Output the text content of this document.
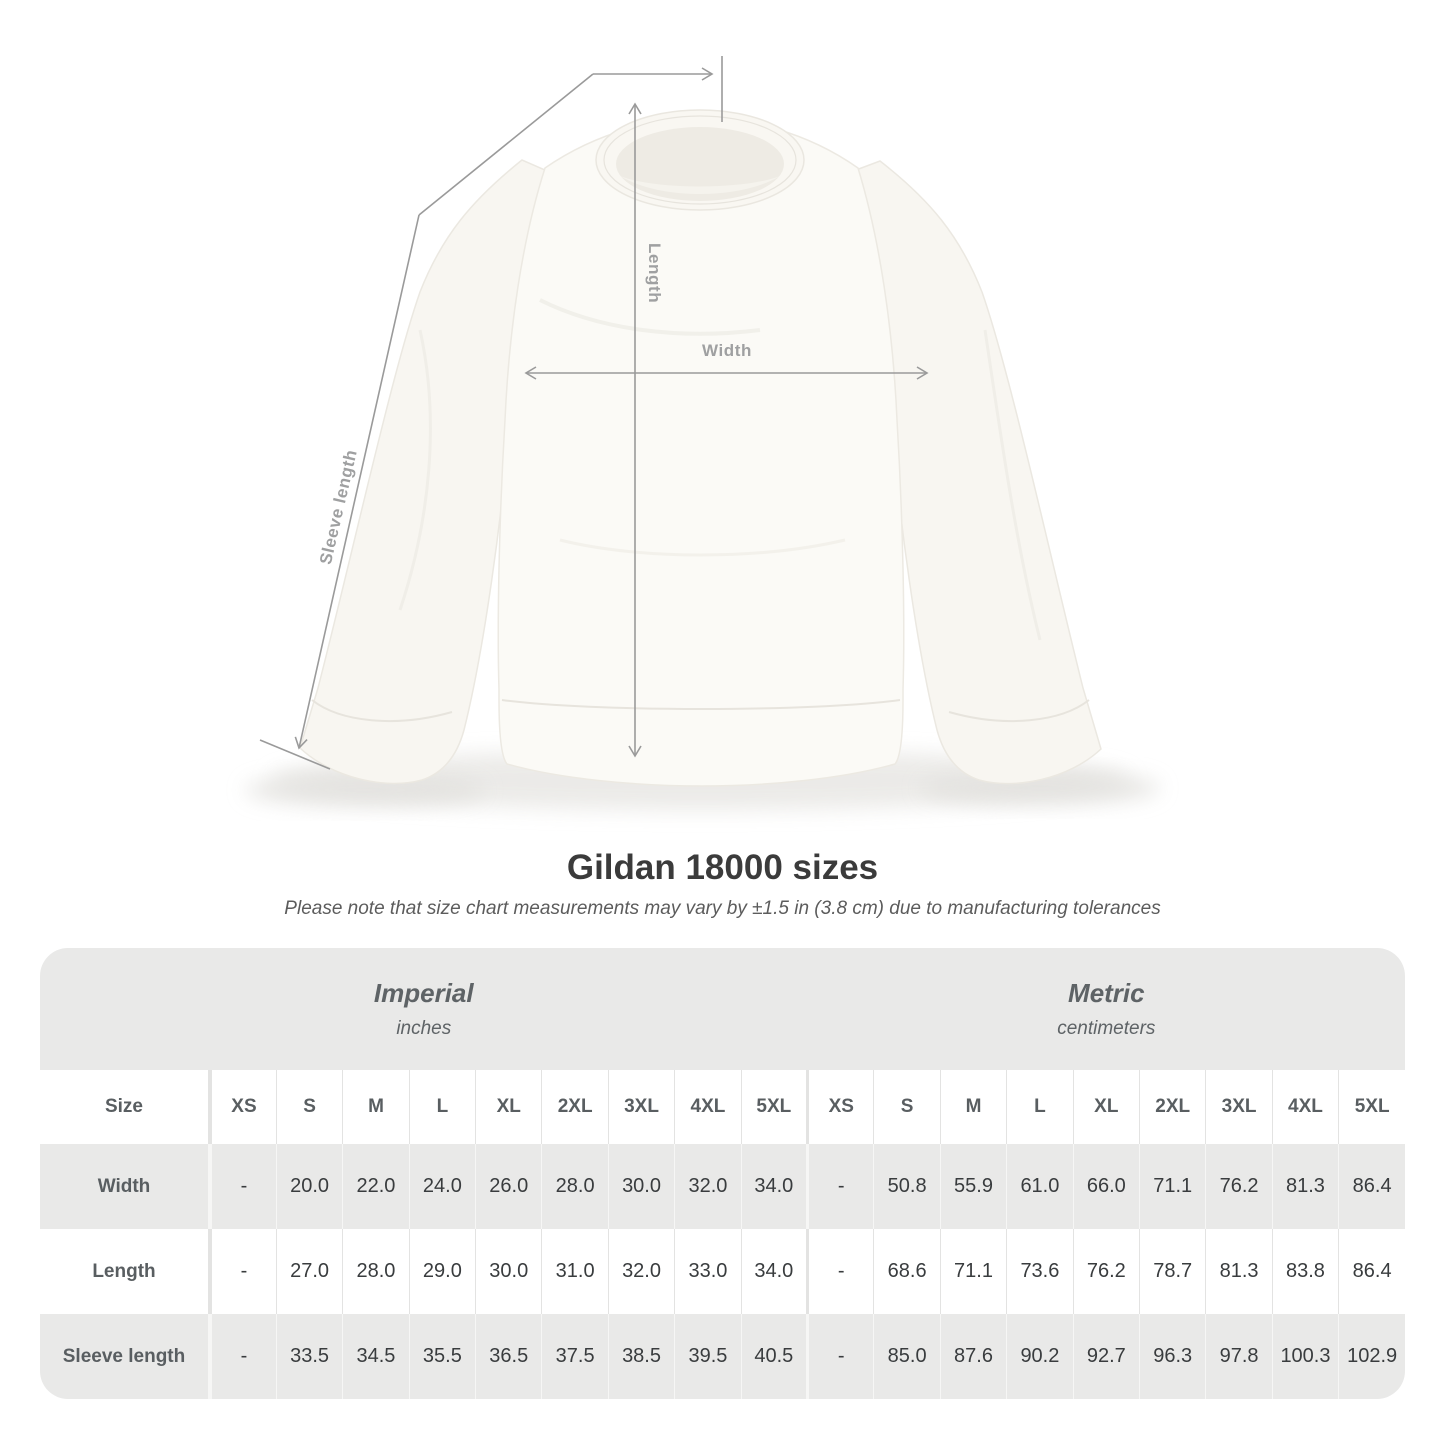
Length
Width
Sleeve length
Gildan 18000 sizes
Please note that size chart measurements may vary by ±1.5 in (3.8 cm) due to manufacturing tolerances
Imperial
inches										Metric
centimeters								

Size	XS	S	M	L	XL	2XL	3XL	4XL	5XL	XS	S	M	L	XL	2XL	3XL	4XL	5XL
Width	-	20.0	22.0	24.0	26.0	28.0	30.0	32.0	34.0	-	50.8	55.9	61.0	66.0	71.1	76.2	81.3	86.4
Length	-	27.0	28.0	29.0	30.0	31.0	32.0	33.0	34.0	-	68.6	71.1	73.6	76.2	78.7	81.3	83.8	86.4
Sleeve length	-	33.5	34.5	35.5	36.5	37.5	38.5	39.5	40.5	-	85.0	87.6	90.2	92.7	96.3	97.8	100.3	102.9
